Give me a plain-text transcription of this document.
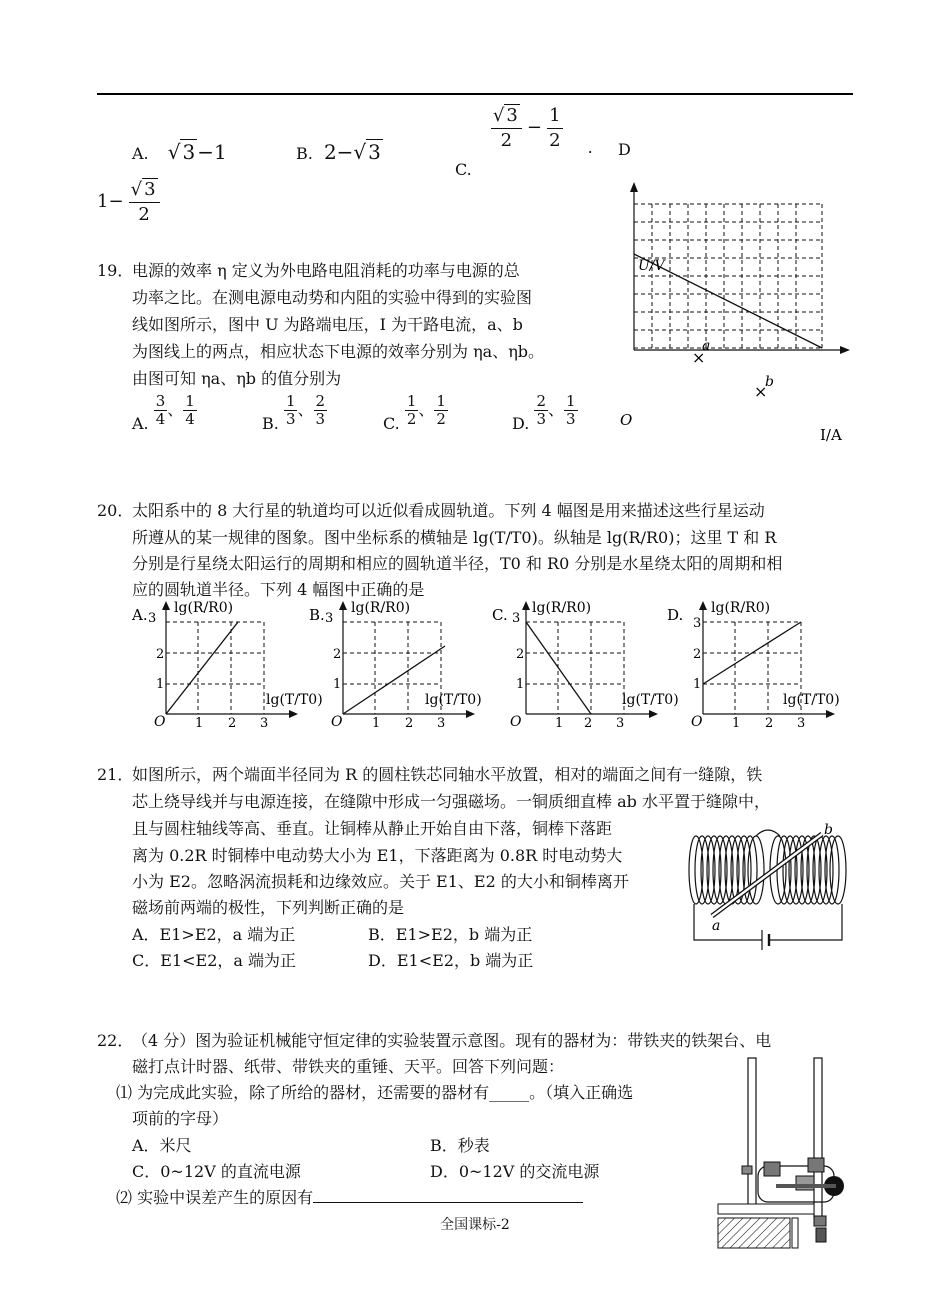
A. √ 3 −1	B. 2−√ 3
C.
$\frac{√ 3}{2} - \frac{1}{2}$ . D
$1- \frac{√ 3}{2}$
19．
电源的效率 η 定义为外电路电阻消耗的功率与电源的总
功率之比。在测电源电动势和内阻的实验中得到的实验图
线如图所示，图中 U 为路端电压，I 为干路电流，a、b
为图线上的两点，相应状态下电源的效率分别为 ηa、ηb。
由图可知 ηa、ηb 的值分别为
A. $\frac{3}{4}$ 、 $\frac{1}{4}$	B. $\frac{1}{3}$ 、 $\frac{2}{3}$	C. $\frac{1}{2}$ 、 $\frac{1}{2}$	D. $\frac{2}{3}$ 、 $\frac{1}{3}$
U/V
×
a
×
b
O
I/A
20．
太阳系中的 8 大行星的轨道均可以近似看成圆轨道。下列 4 幅图是用来描述这些行星运动
所遵从的某一规律的图象。图中坐标系的横轴是 lg(T/T0)。纵轴是 lg(R/R0)；这里 T 和 R
分别是行星绕太阳运行的周期和相应的圆轨道半径，T0 和 R0 分别是水星绕太阳的周期和相
应的圆轨道半径。下列 4 幅图中正确的是
A. 3
lg(R/R0)
2
1
O 1 2 3
lg(T/T0)
B. 3
lg(R/R0)
2
1
O 1 2 3
lg(T/T0)
C. 3
lg(R/R0)
2
1
O	1 2 3
lg(T/T0)
D. lg(R/R0)
3
2
1
O 1 2 3
lg(T/T0)
21．
如图所示，两个端面半径同为 R 的圆柱铁芯同轴水平放置，相对的端面之间有一缝隙，铁
芯上绕导线并与电源连接，在缝隙中形成一匀强磁场。一铜质细直棒 ab 水平置于缝隙中，
且与圆柱轴线等高、垂直。让铜棒从静止开始自由下落，铜棒下落距
离为 0.2R 时铜棒中电动势大小为 E1，下落距离为 0.8R 时电动势大
小为 E2。忽略涡流损耗和边缘效应。关于 E1、E2 的大小和铜棒离开
磁场前两端的极性，下列判断正确的是
A．E1>E2，a 端为正	B．E1>E2，b 端为正
C．E1<E2，a 端为正	D．E1<E2，b 端为正
a
b
22．
（4 分）图为验证机械能守恒定律的实验装置示意图。现有的器材为：带铁夹的铁架台、电
磁打点计时器、纸带、带铁夹的重锤、天平。回答下列问题：
⑴ 为完成此实验，除了所给的器材，还需要的器材有_____。（填入正确选
项前的字母）
A．米尺	B．秒表
C．0~12V 的直流电源	D．0~12V 的交流电源
⑵ 实验中误差产生的原因有
全国课标-2
